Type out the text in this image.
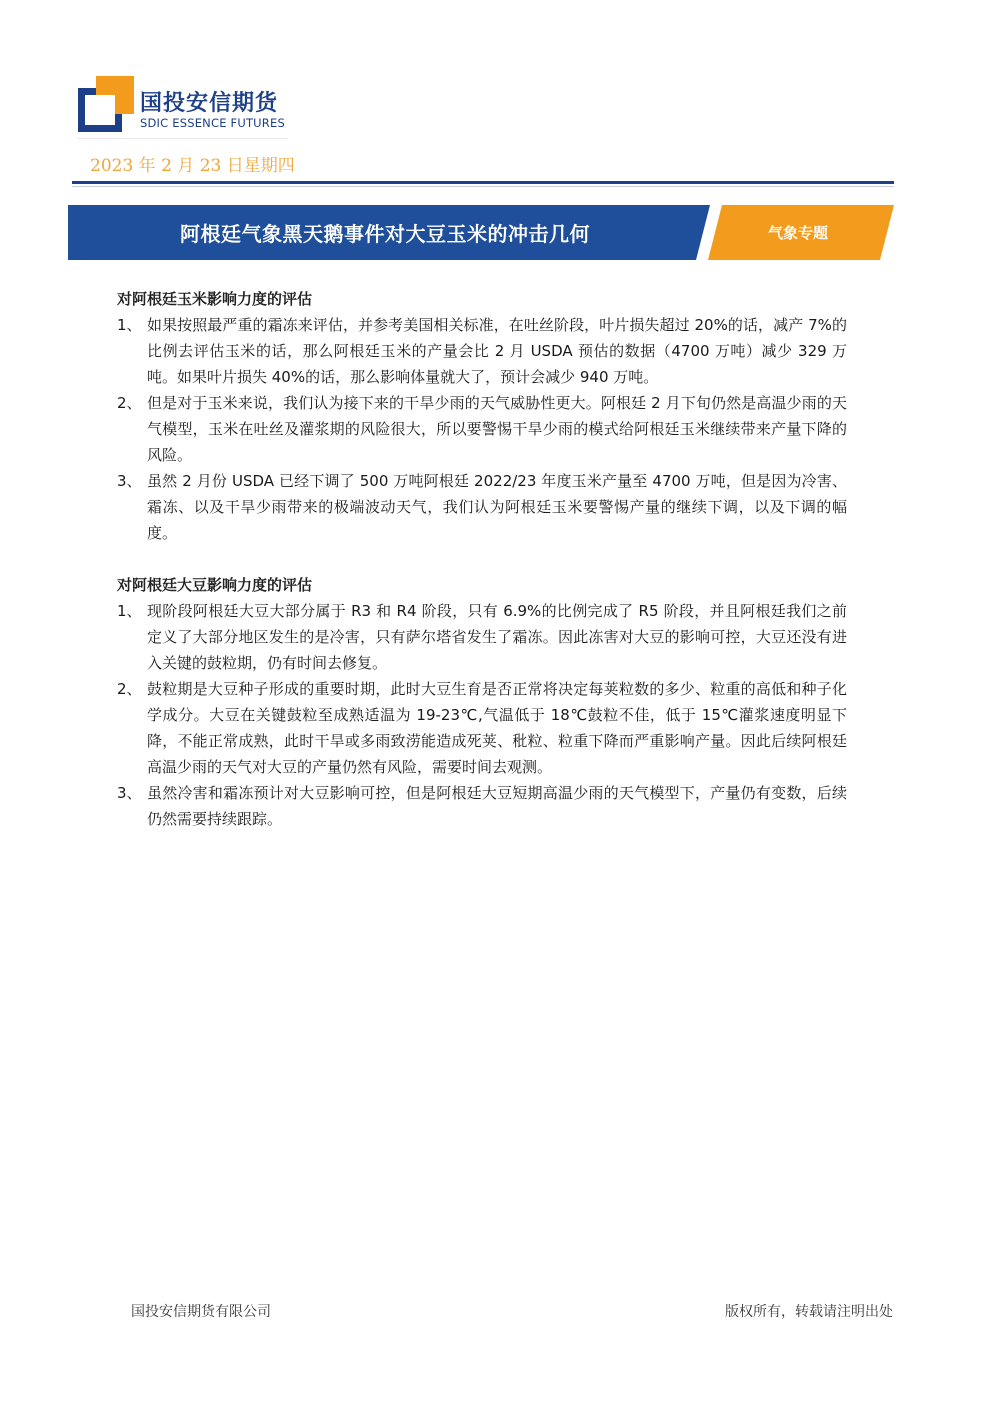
国投安信期货
SDIC ESSENCE FUTURES
2023 年 2 月 23 日星期四
阿根廷气象黑天鹅事件对大豆玉米的冲击几何	气象专题
对阿根廷玉米影响力度的评估
1、 如果按照最严重的霜冻来评估，并参考美国相关标准，在吐丝阶段，叶片损失超过 20%的话，减产 7%的比例去评估玉米的话，那么阿根廷玉米的产量会比 2 月 USDA 预估的数据（4700 万吨）减少 329 万吨。如果叶片损失 40%的话，那么影响体量就大了，预计会减少 940 万吨。
2、 但是对于玉米来说，我们认为接下来的干旱少雨的天气威胁性更大。阿根廷 2 月下旬仍然是高温少雨的天气模型，玉米在吐丝及灌浆期的风险很大，所以要警惕干旱少雨的模式给阿根廷玉米继续带来产量下降的风险。
3、 虽然 2 月份 USDA 已经下调了 500 万吨阿根廷 2022/23 年度玉米产量至 4700 万吨，但是因为冷害、霜冻、以及干旱少雨带来的极端波动天气，我们认为阿根廷玉米要警惕产量的继续下调，以及下调的幅度。
对阿根廷大豆影响力度的评估
1、 现阶段阿根廷大豆大部分属于 R3 和 R4 阶段，只有 6.9%的比例完成了 R5 阶段，并且阿根廷我们之前定义了大部分地区发生的是冷害，只有萨尔塔省发生了霜冻。因此冻害对大豆的影响可控，大豆还没有进入关键的鼓粒期，仍有时间去修复。
2、 鼓粒期是大豆种子形成的重要时期，此时大豆生育是否正常将决定每荚粒数的多少、粒重的高低和种子化学成分。大豆在关键鼓粒至成熟适温为 19-23℃,气温低于 18℃鼓粒不佳，低于 15℃灌浆速度明显下降，不能正常成熟，此时干旱或多雨致涝能造成死荚、秕粒、粒重下降而严重影响产量。因此后续阿根廷高温少雨的天气对大豆的产量仍然有风险，需要时间去观测。
3、 虽然冷害和霜冻预计对大豆影响可控，但是阿根廷大豆短期高温少雨的天气模型下，产量仍有变数，后续仍然需要持续跟踪。
国投安信期货有限公司	版权所有，转载请注明出处
